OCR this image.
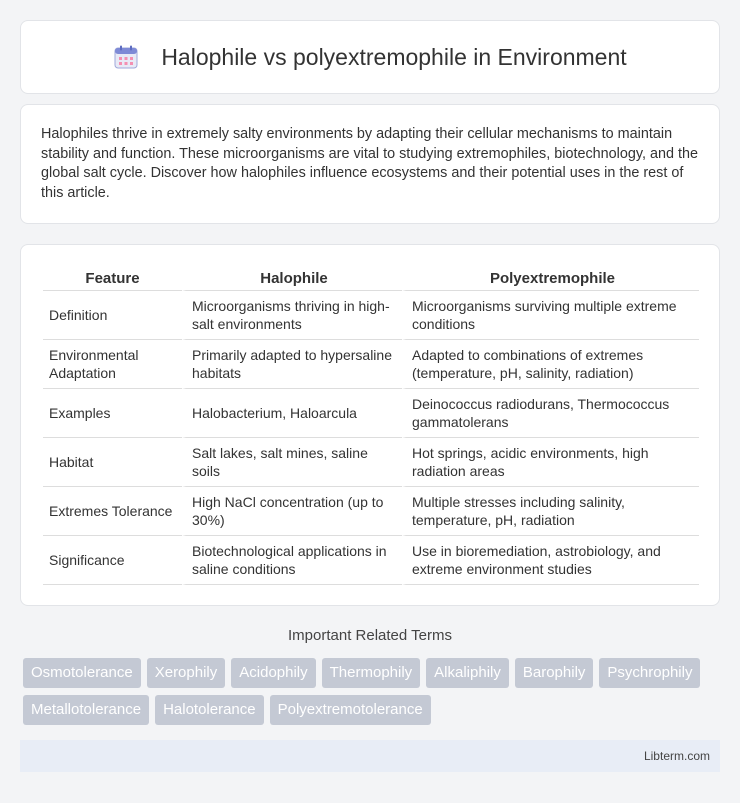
Halophile vs polyextremophile in Environment

Halophiles thrive in extremely salty environments by adapting their cellular mechanisms to maintain stability and function. These microorganisms are vital to studying extremophiles, biotechnology, and the global salt cycle. Discover how halophiles influence ecosystems and their potential uses in the rest of this article.

Feature	Halophile	Polyextremophile
Definition	Microorganisms thriving in high-salt environments	Microorganisms surviving multiple extreme conditions
Environmental Adaptation	Primarily adapted to hypersaline habitats	Adapted to combinations of extremes (temperature, pH, salinity, radiation)
Examples	Halobacterium, Haloarcula	Deinococcus radiodurans, Thermococcus gammatolerans
Habitat	Salt lakes, salt mines, saline soils	Hot springs, acidic environments, high radiation areas
Extremes Tolerance	High NaCl concentration (up to 30%)	Multiple stresses including salinity, temperature, pH, radiation
Significance	Biotechnological applications in saline conditions	Use in bioremediation, astrobiology, and extreme environment studies
Important Related Terms
Osmotolerance	Xerophily	Acidophily	Thermophily	Alkaliphily	Barophily	Psychrophily
Metallotolerance	Halotolerance	Polyextremotolerance
Libterm.com
